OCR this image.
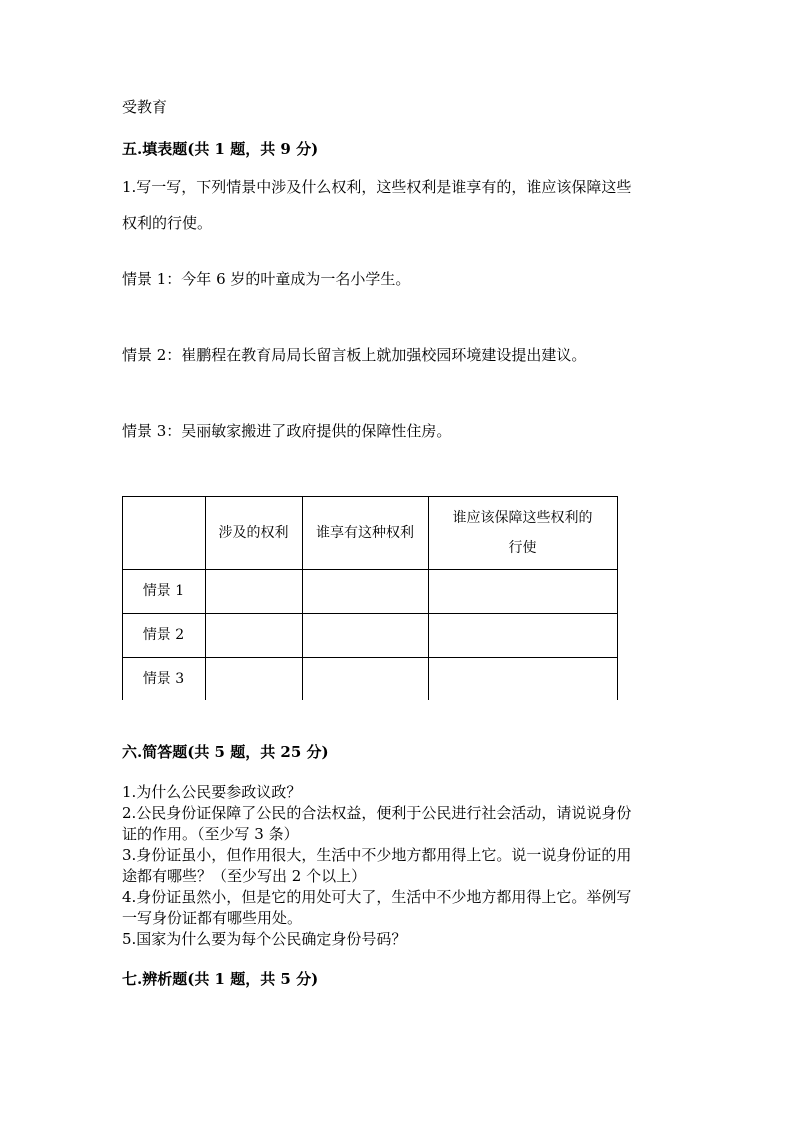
受教育
五.填表题(共 1 题，共 9 分)
1.写一写，下列情景中涉及什么权利，这些权利是谁享有的，谁应该保障这些
权利的行使。
情景 1：今年 6 岁的叶童成为一名小学生。
情景 2：崔鹏程在教育局局长留言板上就加强校园环境建设提出建议。
情景 3：吴丽敏家搬进了政府提供的保障性住房。
涉及的权利	谁享有这种权利
谁应该保障这些权利的
行使
情景 1
情景 2
情景 3
六.简答题(共 5 题，共 25 分)
1.为什么公民要参政议政？
2.公民身份证保障了公民的合法权益，便利于公民进行社会活动，请说说身份
证的作用。（至少写 3 条）
3.身份证虽小，但作用很大，生活中不少地方都用得上它。说一说身份证的用
途都有哪些？（至少写出 2 个以上）
4.身份证虽然小，但是它的用处可大了，生活中不少地方都用得上它。举例写
一写身份证都有哪些用处。
5.国家为什么要为每个公民确定身份号码？
七.辨析题(共 1 题，共 5 分)
